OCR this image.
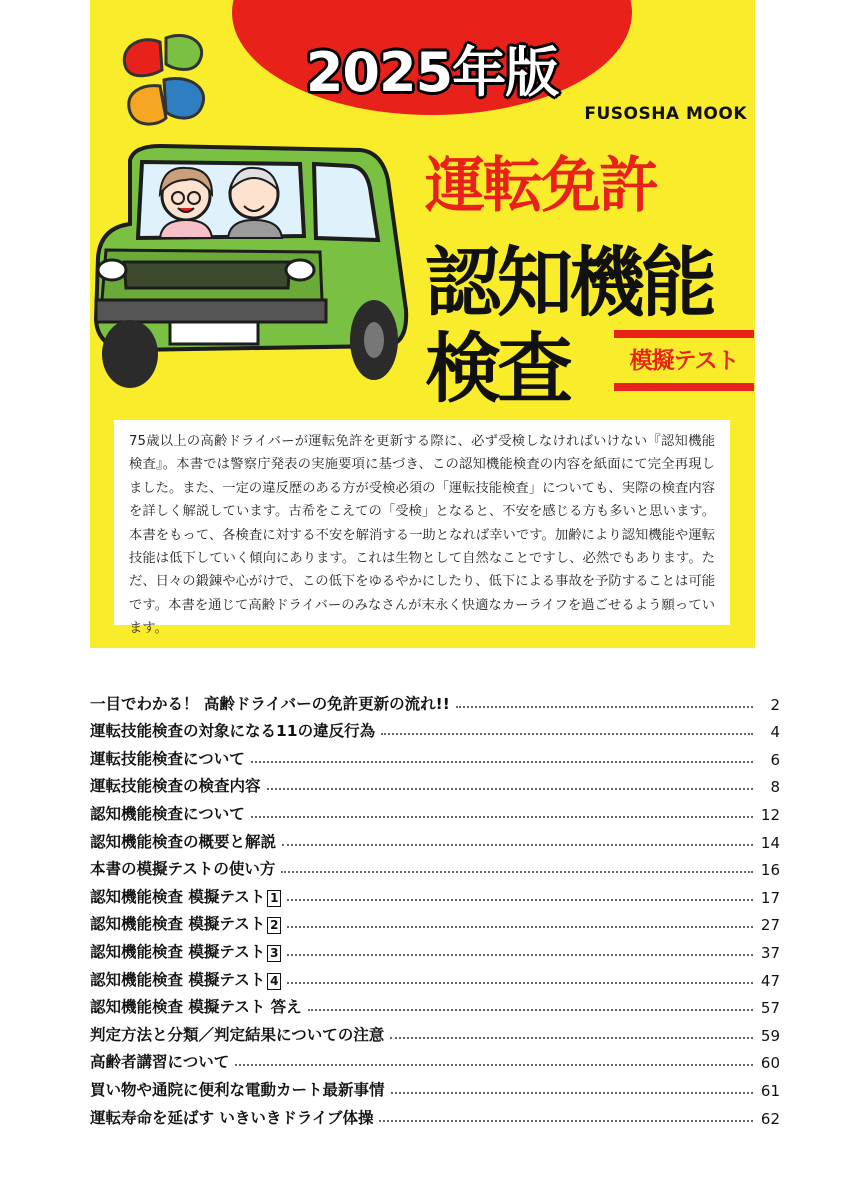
2025年版
FUSOSHA MOOK
運転免許
認知機能
検査	模擬テスト
75歳以上の高齢ドライバーが運転免許を更新する際に、必ず受検しなければいけない『認知機能検査』。本書では警察庁発表の実施要項に基づき、この認知機能検査の内容を紙面にて完全再現しました。また、一定の違反歴のある方が受検必須の「運転技能検査」についても、実際の検査内容を詳しく解説しています。古希をこえての「受検」となると、不安を感じる方も多いと思います。本書をもって、各検査に対する不安を解消する一助となれば幸いです。加齢により認知機能や運転技能は低下していく傾向にあります。これは生物として自然なことですし、必然でもあります。ただ、日々の鍛錬や心がけで、この低下をゆるやかにしたり、低下による事故を予防することは可能です。本書を通じて高齢ドライバーのみなさんが末永く快適なカーライフを過ごせるよう願っています。
一目でわかる！ 高齢ドライバーの免許更新の流れ!!	2
運転技能検査の対象になる11の違反行為	4
運転技能検査について	6
運転技能検査の検査内容	8
認知機能検査について	12
認知機能検査の概要と解説	14
本書の模擬テストの使い方	16
認知機能検査 模擬テスト 1	17
認知機能検査 模擬テスト 2	27
認知機能検査 模擬テスト 3	37
認知機能検査 模擬テスト 4	47
認知機能検査 模擬テスト 答え	57
判定方法と分類／判定結果についての注意	59
高齢者講習について	60
買い物や通院に便利な電動カート最新事情	61
運転寿命を延ばす いきいきドライブ体操	62
